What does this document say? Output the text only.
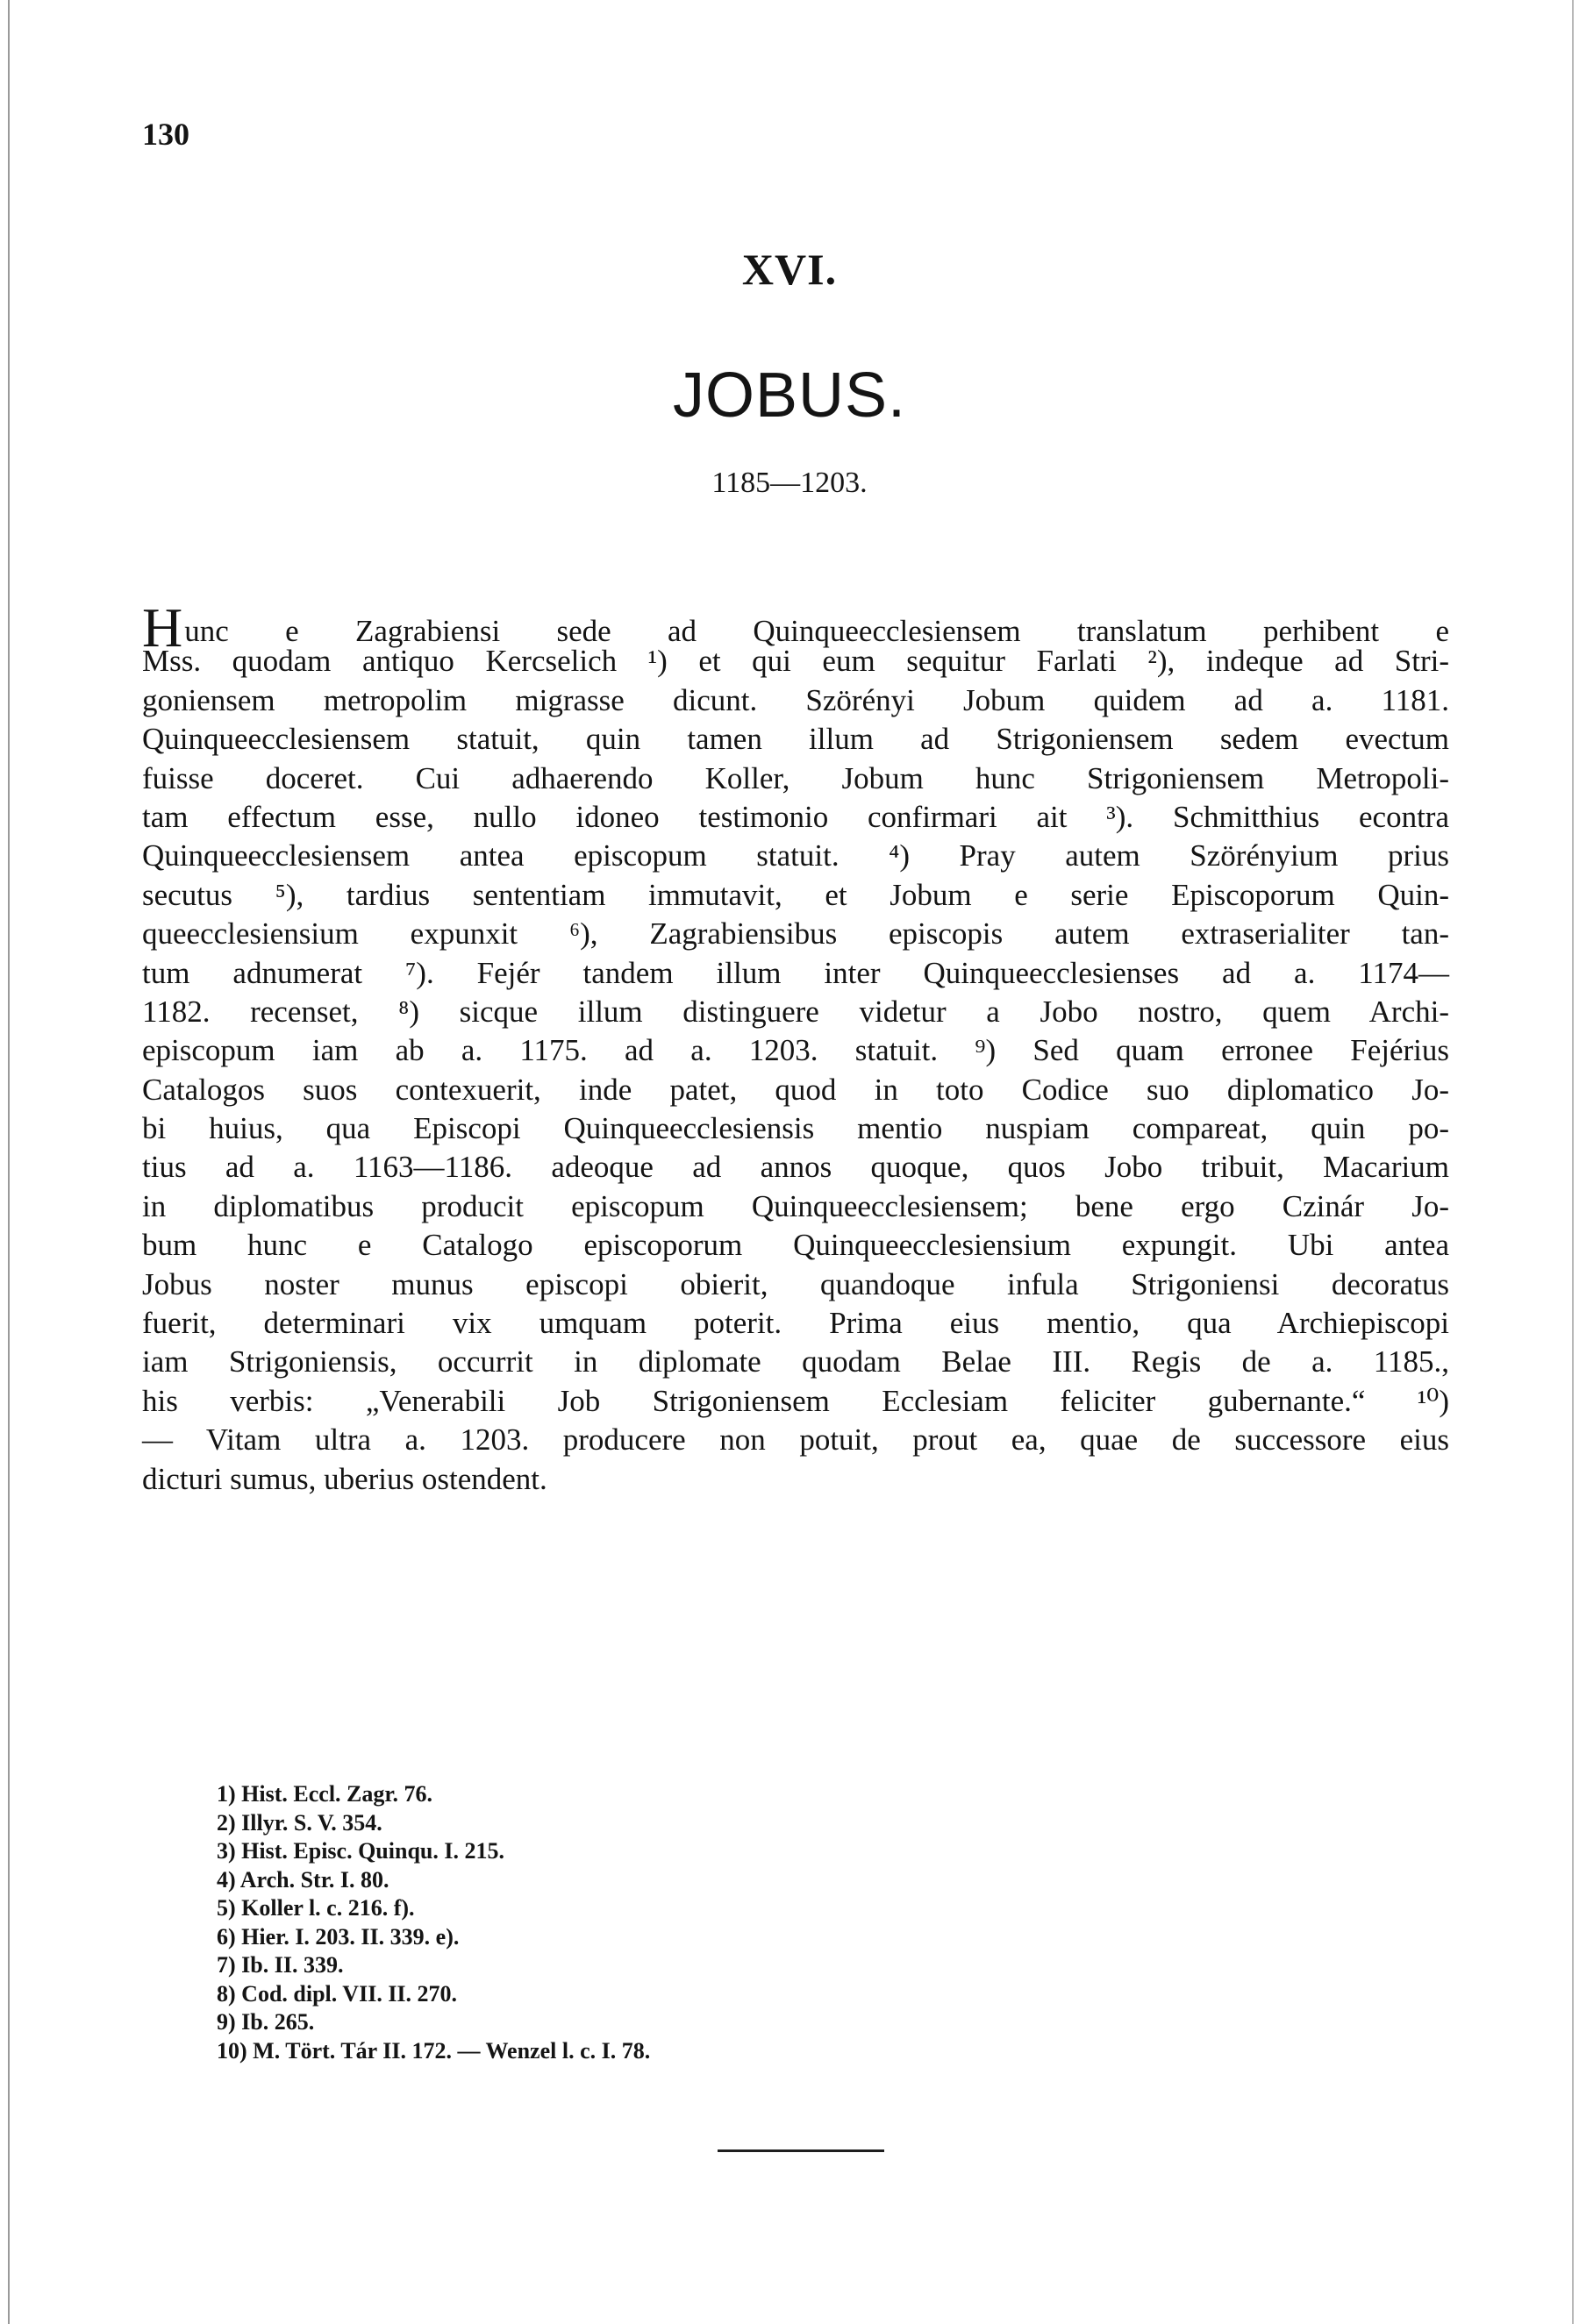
130
XVI.
JOBUS.
1185—1203.
Hunc e Zagrabiensi sede ad Quinqueecclesiensem translatum perhibent e
Mss. quodam antiquo Kercselich ¹) et qui eum sequitur Farlati ²), indeque ad Stri-
goniensem metropolim migrasse dicunt. Szörényi Jobum quidem ad a. 1181.
Quinqueecclesiensem statuit, quin tamen illum ad Strigoniensem sedem evectum
fuisse doceret. Cui adhaerendo Koller, Jobum hunc Strigoniensem Metropoli-
tam effectum esse, nullo idoneo testimonio confirmari ait ³). Schmitthius econtra
Quinqueecclesiensem antea episcopum statuit. ⁴) Pray autem Szörényium prius
secutus ⁵), tardius sententiam immutavit, et Jobum e serie Episcoporum Quin-
queecclesiensium expunxit ⁶), Zagrabiensibus episcopis autem extraserialiter tan-
tum adnumerat ⁷). Fejér tandem illum inter Quinqueecclesienses ad a. 1174—
1182. recenset, ⁸) sicque illum distinguere videtur a Jobo nostro, quem Archi-
episcopum iam ab a. 1175. ad a. 1203. statuit. ⁹) Sed quam erronee Fejérius
Catalogos suos contexuerit, inde patet, quod in toto Codice suo diplomatico Jo-
bi huius, qua Episcopi Quinqueecclesiensis mentio nuspiam compareat, quin po-
tius ad a. 1163—1186. adeoque ad annos quoque, quos Jobo tribuit, Macarium
in diplomatibus producit episcopum Quinqueecclesiensem; bene ergo Czinár Jo-
bum hunc e Catalogo episcoporum Quinqueecclesiensium expungit. Ubi antea
Jobus noster munus episcopi obierit, quandoque infula Strigoniensi decoratus
fuerit, determinari vix umquam poterit. Prima eius mentio, qua Archiepiscopi
iam Strigoniensis, occurrit in diplomate quodam Belae III. Regis de a. 1185.,
his verbis: „Venerabili Job Strigoniensem Ecclesiam feliciter gubernante.“ ¹⁰)
— Vitam ultra a. 1203. producere non potuit, prout ea, quae de successore eius
dicturi sumus, uberius ostendent.
1) Hist. Eccl. Zagr. 76.
2) Illyr. S. V. 354.
3) Hist. Episc. Quinqu. I. 215.
4) Arch. Str. I. 80.
5) Koller l. c. 216. f).
6) Hier. I. 203. II. 339. e).
7) Ib. II. 339.
8) Cod. dipl. VII. II. 270.
9) Ib. 265.
10) M. Tört. Tár II. 172. — Wenzel l. c. I. 78.
